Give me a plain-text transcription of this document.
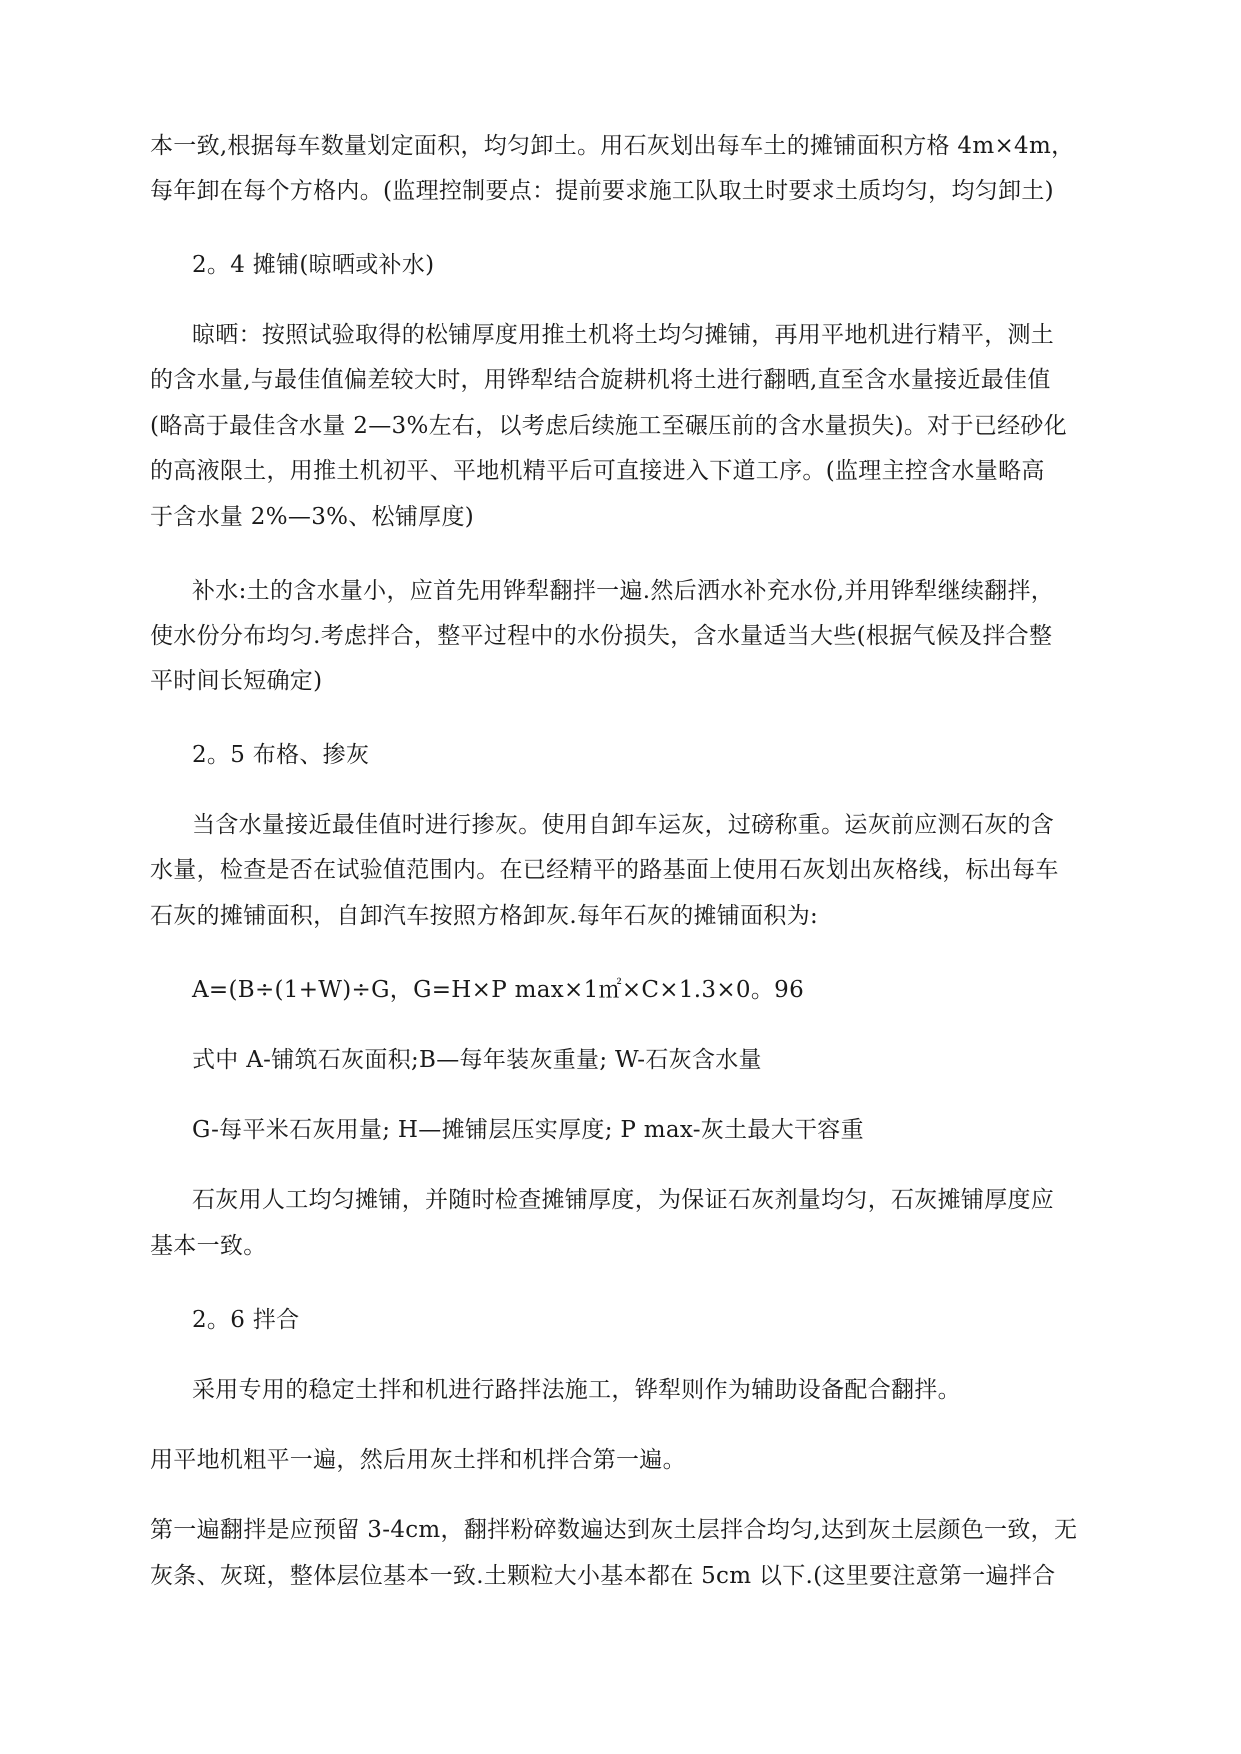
本一致,根据每车数量划定面积，均匀卸土。用石灰划出每车土的摊铺面积方格 4m×4m，
每年卸在每个方格内。(监理控制要点：提前要求施工队取土时要求土质均匀，均匀卸土)
2。4 摊铺(晾晒或补水)
晾晒：按照试验取得的松铺厚度用推土机将土均匀摊铺，再用平地机进行精平，测土
的含水量,与最佳值偏差较大时，用铧犁结合旋耕机将土进行翻晒,直至含水量接近最佳值
(略高于最佳含水量 2—3%左右，以考虑后续施工至碾压前的含水量损失)。对于已经砂化
的高液限土，用推土机初平、平地机精平后可直接进入下道工序。(监理主控含水量略高
于含水量 2%—3%、松铺厚度)
补水:土的含水量小，应首先用铧犁翻拌一遍.然后洒水补充水份,并用铧犁继续翻拌，
使水份分布均匀.考虑拌合，整平过程中的水份损失，含水量适当大些(根据气候及拌合整
平时间长短确定)
2。5 布格、掺灰
当含水量接近最佳值时进行掺灰。使用自卸车运灰，过磅称重。运灰前应测石灰的含
水量，检查是否在试验值范围内。在已经精平的路基面上使用石灰划出灰格线，标出每车
石灰的摊铺面积，自卸汽车按照方格卸灰.每年石灰的摊铺面积为:
A=(B÷(1+W)÷G，G=H×P max×1㎡×C×1.3×0。96
式中 A-铺筑石灰面积;B—每年装灰重量; W-石灰含水量
G-每平米石灰用量; H—摊铺层压实厚度; P max-灰土最大干容重
石灰用人工均匀摊铺，并随时检查摊铺厚度，为保证石灰剂量均匀，石灰摊铺厚度应
基本一致。
2。6 拌合
采用专用的稳定土拌和机进行路拌法施工，铧犁则作为辅助设备配合翻拌。
用平地机粗平一遍，然后用灰土拌和机拌合第一遍。
第一遍翻拌是应预留 3-4cm，翻拌粉碎数遍达到灰土层拌合均匀,达到灰土层颜色一致，无
灰条、灰斑，整体层位基本一致.土颗粒大小基本都在 5cm 以下.(这里要注意第一遍拌合
